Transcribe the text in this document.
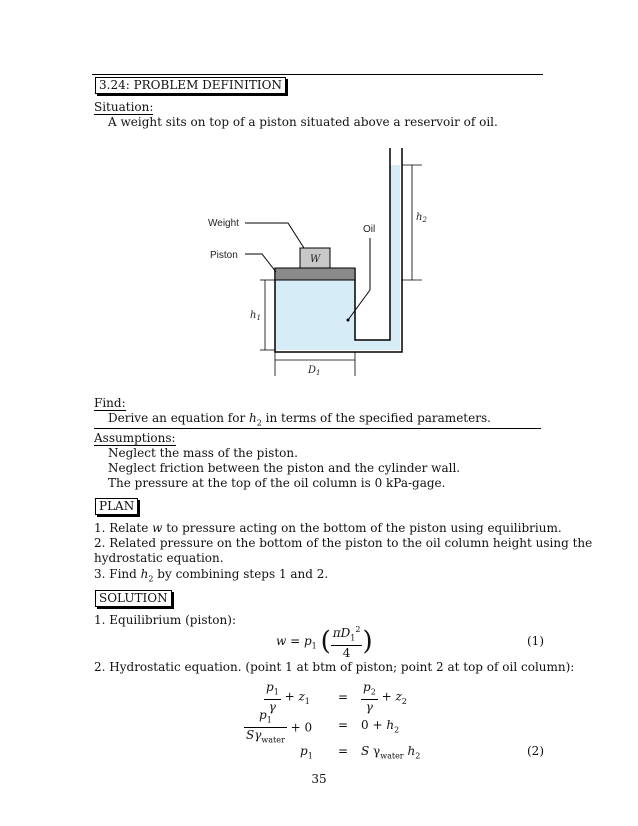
3.24: PROBLEM DEFINITION
Situation:
A weight sits on top of a piston situated above a reservoir of oil.
W
Weight
Piston
Oil
$h_1$
$h_2$
$D_1$
Find:
Derive an equation for $h_2$ in terms of the specified parameters.
Assumptions:
Neglect the mass of the piston.
Neglect friction between the piston and the cylinder wall.
The pressure at the top of the oil column is 0 kPa-gage.
PLAN
1. Relate w to pressure acting on the bottom of the piston using equilibrium.
2. Related pressure on the bottom of the piston to the oil column height using the
hydrostatic equation.
3. Find $h_2$ by combining steps 1 and 2.
SOLUTION
1. Equilibrium (piston):
$w = p_1$ ( $\frac{\pi D_1^2}{4}$ )	(1)
2. Hydrostatic equation. (point 1 at btm of piston; point 2 at top of oil column):
$\frac{p_1}{\gamma} + z_1 = \frac{p_2}{\gamma} + z_2$
$\frac{p_1}{S\gamma_{water}} + 0 = 0 + h_2$
$p_1 = S$ $\gamma_{water}$ $h_2$	(2)
35
